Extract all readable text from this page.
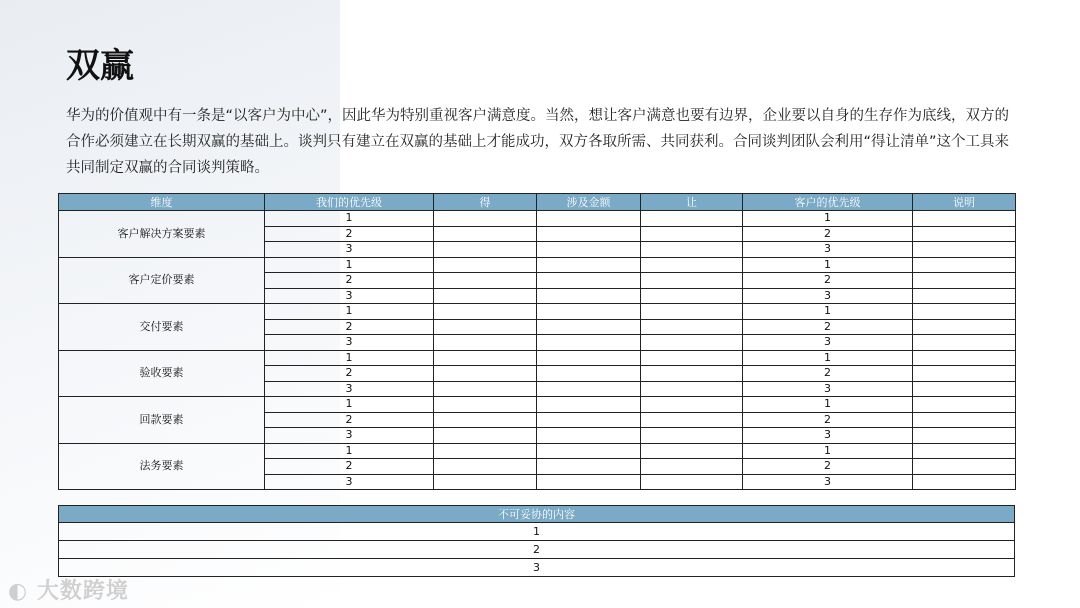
双赢

华为的价值观中有一条是“以客户为中心”，因此华为特别重视客户满意度。当然，想让客户满意也要有边界，企业要以自身的生存作为底线，双方的合作必须建立在长期双赢的基础上。谈判只有建立在双赢的基础上才能成功，双方各取所需、共同获利。合同谈判团队会利用“得让清单”这个工具来共同制定双赢的合同谈判策略。

维度	我们的优先级	得	涉及金额	让	客户的优先级	说明
客户解决方案要素	1				1	
	2				2	
	3				3	
客户定价要素	1				1	
	2				2	
	3				3	
交付要素	1				1	
	2				2	
	3				3	
验收要素	1				1	
	2				2	
	3				3	
回款要素	1				1	
	2				2	
	3				3	
法务要素	1				1	
	2				2	
	3				3	
不可妥协的内容
1
2
3
◐ 大数跨境
